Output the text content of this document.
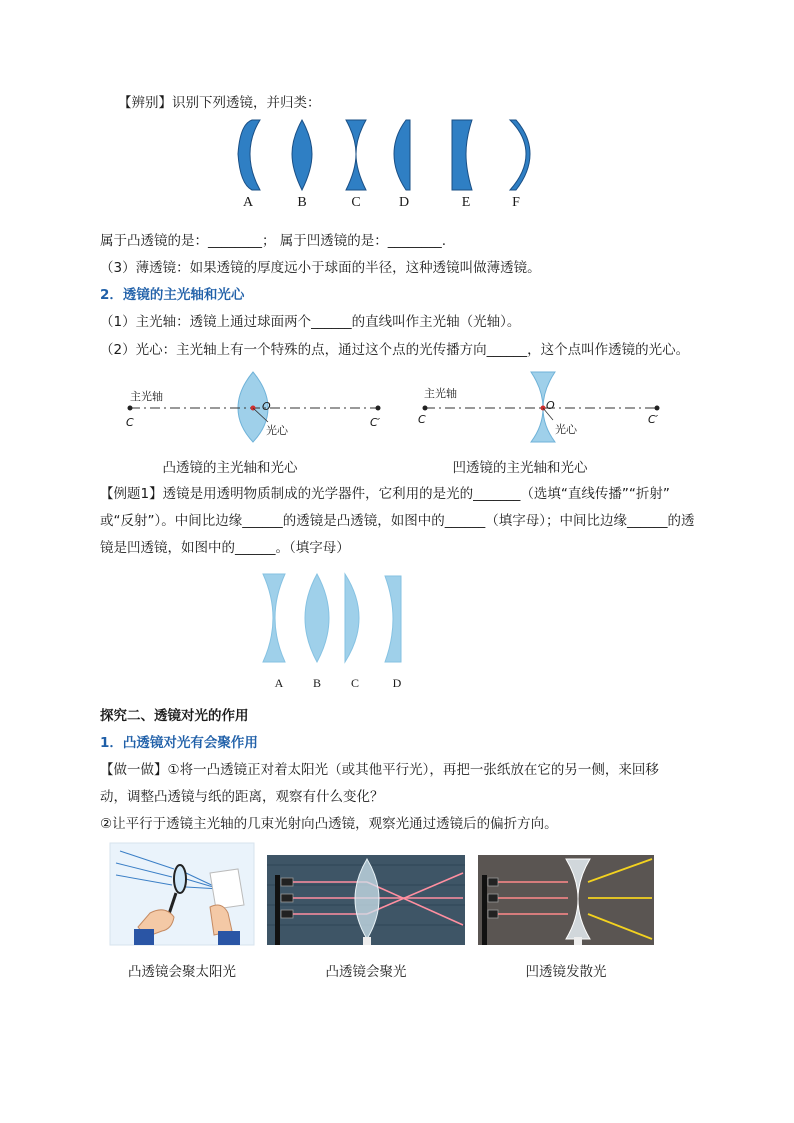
【辨别】识别下列透镜，并归类：
A	B	C	D	E	F
属于凸透镜的是：________； 属于凹透镜的是：________.
（3）薄透镜：如果透镜的厚度远小于球面的半径，这种透镜叫做薄透镜。
2．透镜的主光轴和光心
（1）主光轴：透镜上通过球面两个______的直线叫作主光轴（光轴）。
（2）光心：主光轴上有一个特殊的点，通过这个点的光传播方向______，这个点叫作透镜的光心。
主光轴
O
C	C′
光心
凸透镜的主光轴和光心
主光轴
O
C	C′
光心
凹透镜的主光轴和光心
【例题1】透镜是用透明物质制成的光学器件，它利用的是光的_______（选填“直线传播”“折射”
或“反射”）。中间比边缘______的透镜是凸透镜，如图中的______（填字母）；中间比边缘______的透
镜是凹透镜，如图中的______。（填字母）
A	B	C	D
探究二、透镜对光的作用
1．凸透镜对光有会聚作用
【做一做】①将一凸透镜正对着太阳光（或其他平行光），再把一张纸放在它的另一侧，来回移
动，调整凸透镜与纸的距离，观察有什么变化？
②让平行于透镜主光轴的几束光射向凸透镜，观察光通过透镜后的偏折方向。
凸透镜会聚太阳光	凸透镜会聚光	凹透镜发散光
